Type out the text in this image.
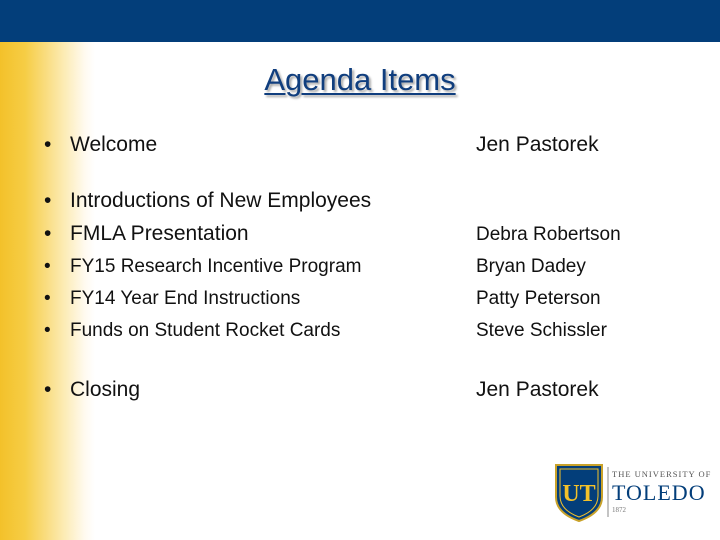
Agenda Items
• Welcome
• Introductions of New Employees
• FMLA Presentation
• FY15 Research Incentive Program
• FY14 Year End Instructions
• Funds on Student Rocket Cards
• Closing
Jen Pastorek
Debra Robertson
Bryan Dadey
Patty Peterson
Steve Schissler
Jen Pastorek
UT
THE UNIVERSITY OF
TOLEDO
1872
